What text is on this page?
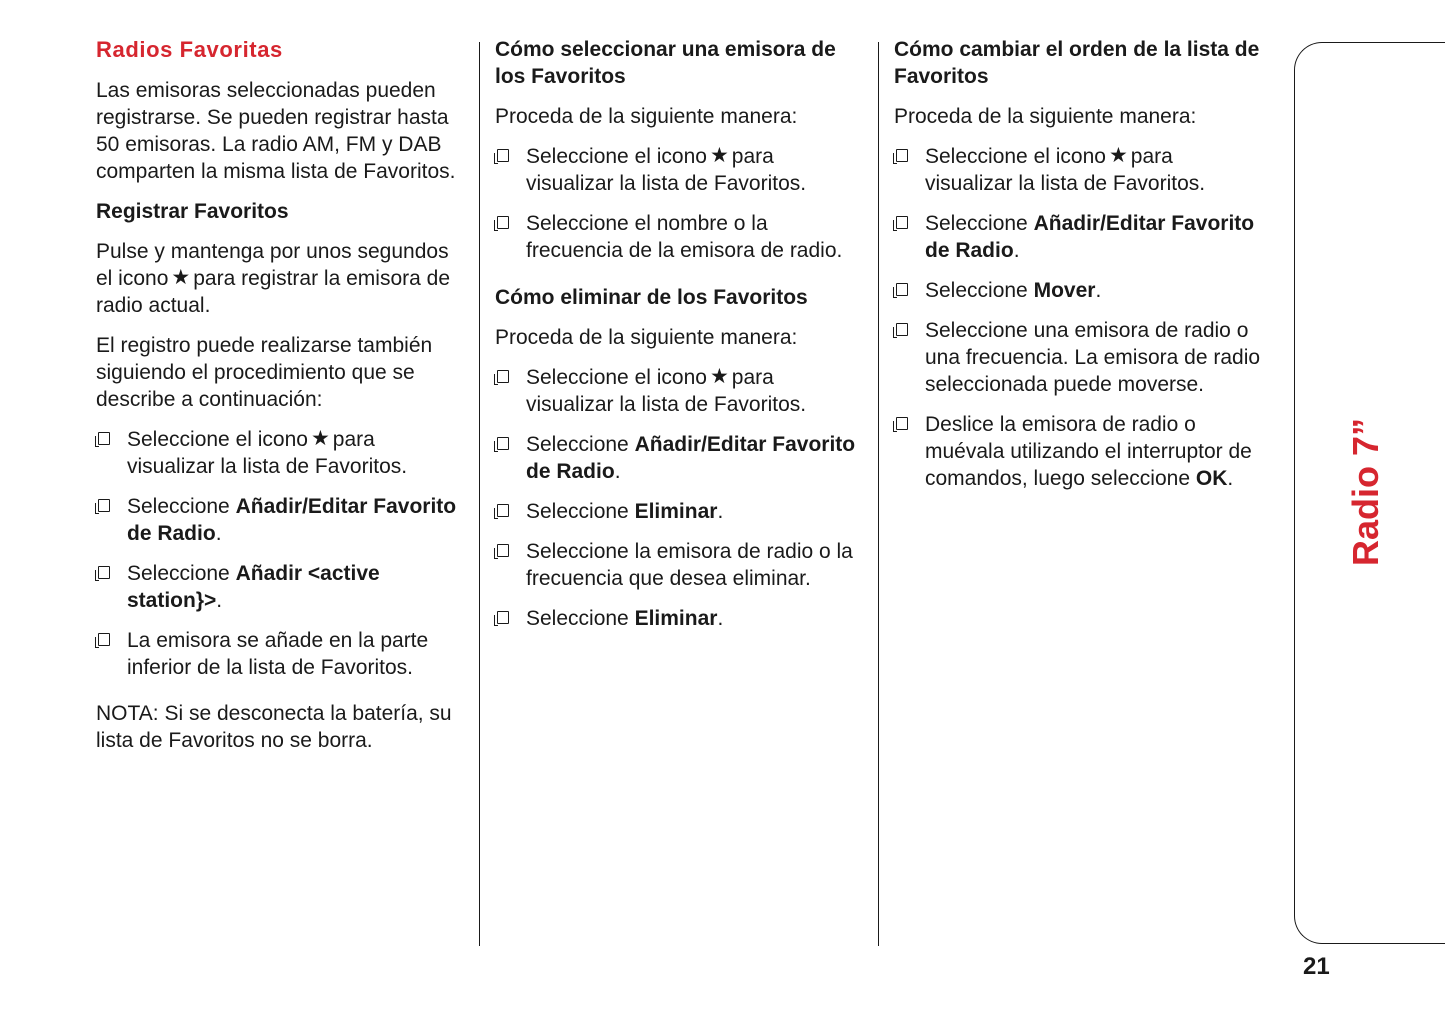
Radios Favoritas
Las emisoras seleccionadas pueden registrarse. Se pueden registrar hasta 50 emisoras. La radio AM, FM y DAB comparten la misma lista de Favoritos.
Registrar Favoritos
Pulse y mantenga por unos segundos el icono ★ para registrar la emisora de radio actual.
El registro puede realizarse también siguiendo el procedimiento que se describe a continuación:
Seleccione el icono ★ para visualizar la lista de Favoritos.
Seleccione Añadir/Editar Favorito de Radio.
Seleccione Añadir <active station}>.
La emisora se añade en la parte inferior de la lista de Favoritos.
NOTA: Si se desconecta la batería, su lista de Favoritos no se borra.
Cómo seleccionar una emisora de los Favoritos
Proceda de la siguiente manera:
Seleccione el icono ★ para visualizar la lista de Favoritos.
Seleccione el nombre o la frecuencia de la emisora de radio.
Cómo eliminar de los Favoritos
Proceda de la siguiente manera:
Seleccione el icono ★ para visualizar la lista de Favoritos.
Seleccione Añadir/Editar Favorito de Radio.
Seleccione Eliminar.
Seleccione la emisora de radio o la frecuencia que desea eliminar.
Seleccione Eliminar.
Cómo cambiar el orden de la lista de Favoritos
Proceda de la siguiente manera:
Seleccione el icono ★ para visualizar la lista de Favoritos.
Seleccione Añadir/Editar Favorito de Radio.
Seleccione Mover.
Seleccione una emisora de radio o una frecuencia. La emisora de radio seleccionada puede moverse.
Deslice la emisora de radio o muévala utilizando el interruptor de comandos, luego seleccione OK.	Radio 7”
21
